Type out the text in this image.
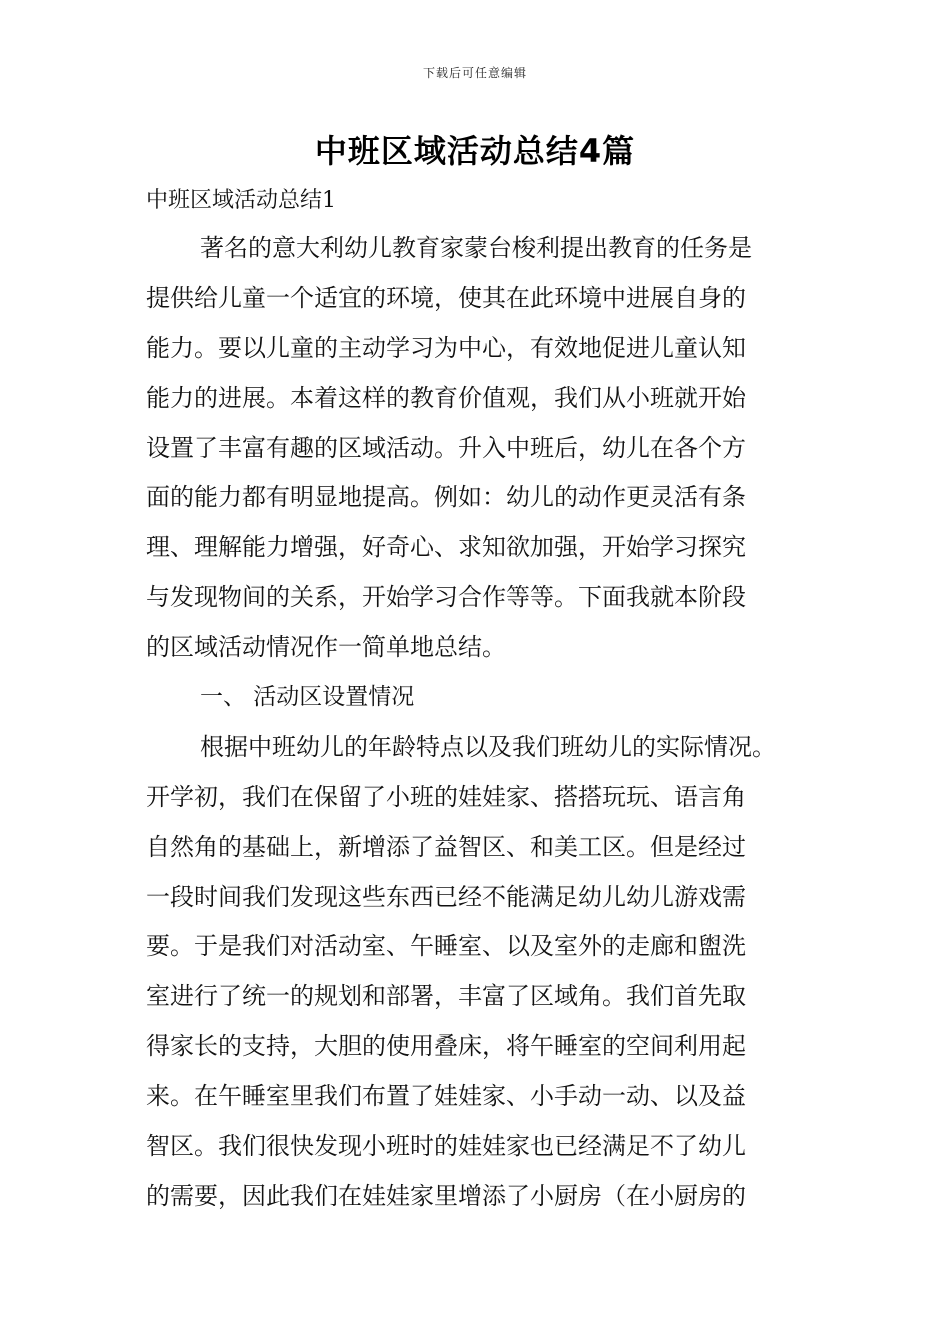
下载后可任意编辑
中班区域活动总结4篇

中班区域活动总结1

著名的意大利幼儿教育家蒙台梭利提出教育的任务是
提供给儿童一个适宜的环境，使其在此环境中进展自身的
能力。要以儿童的主动学习为中心，有效地促进儿童认知
能力的进展。本着这样的教育价值观，我们从小班就开始
设置了丰富有趣的区域活动。升入中班后，幼儿在各个方
面的能力都有明显地提高。例如：幼儿的动作更灵活有条
理、理解能力增强，好奇心、求知欲加强，开始学习探究
与发现物间的关系，开始学习合作等等。下面我就本阶段
的区域活动情况作一简单地总结。
一、 活动区设置情况
根据中班幼儿的年龄特点以及我们班幼儿的实际情况。
开学初，我们在保留了小班的娃娃家、搭搭玩玩、语言角
自然角的基础上，新增添了益智区、和美工区。但是经过
一段时间我们发现这些东西已经不能满足幼儿幼儿游戏需
要。于是我们对活动室、午睡室、以及室外的走廊和盥洗
室进行了统一的规划和部署，丰富了区域角。我们首先取
得家长的支持，大胆的使用叠床，将午睡室的空间利用起
来。在午睡室里我们布置了娃娃家、小手动一动、以及益
智区。我们很快发现小班时的娃娃家也已经满足不了幼儿
的需要，因此我们在娃娃家里增添了小厨房（在小厨房的
